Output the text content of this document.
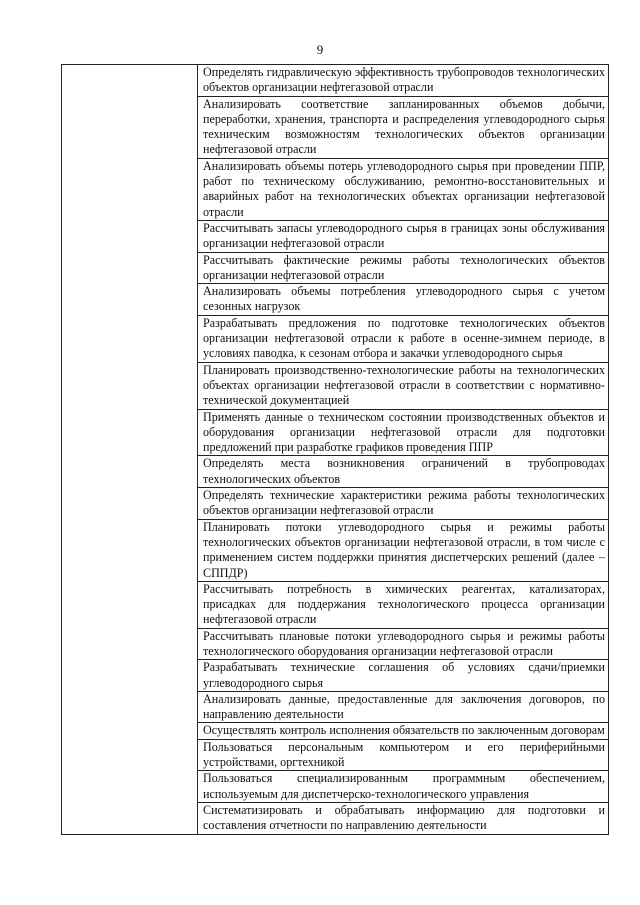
9
	Определять гидравлическую эффективность трубопроводов технологических объектов организации нефтегазовой отрасли
Анализировать соответствие запланированных объемов добычи, переработки, хранения, транспорта и распределения углеводородного сырья техническим возможностям технологических объектов организации нефтегазовой отрасли
Анализировать объемы потерь углеводородного сырья при проведении ППР, работ по техническому обслуживанию, ремонтно-восстановительных и аварийных работ на технологических объектах организации нефтегазовой отрасли
Рассчитывать запасы углеводородного сырья в границах зоны обслуживания организации нефтегазовой отрасли
Рассчитывать фактические режимы работы технологических объектов организации нефтегазовой отрасли
Анализировать объемы потребления углеводородного сырья с учетом сезонных нагрузок
Разрабатывать предложения по подготовке технологических объектов организации нефтегазовой отрасли к работе в осенне-зимнем периоде, в условиях паводка, к сезонам отбора и закачки углеводородного сырья
Планировать производственно-технологические работы на технологических объектах организации нефтегазовой отрасли в соответствии с нормативно-технической документацией
Применять данные о техническом состоянии производственных объектов и оборудования организации нефтегазовой отрасли для подготовки предложений при разработке графиков проведения ППР
Определять места возникновения ограничений в трубопроводах технологических объектов
Определять технические характеристики режима работы технологических объектов организации нефтегазовой отрасли
Планировать потоки углеводородного сырья и режимы работы технологических объектов организации нефтегазовой отрасли, в том числе с применением систем поддержки принятия диспетчерских решений (далее – СППДР)
Рассчитывать потребность в химических реагентах, катализаторах, присадках для поддержания технологического процесса организации нефтегазовой отрасли
Рассчитывать плановые потоки углеводородного сырья и режимы работы технологического оборудования организации нефтегазовой отрасли
Разрабатывать технические соглашения об условиях сдачи/приемки углеводородного сырья
Анализировать данные, предоставленные для заключения договоров, по направлению деятельности
Осуществлять контроль исполнения обязательств по заключенным договорам
Пользоваться персональным компьютером и его периферийными устройствами, оргтехникой
Пользоваться специализированным программным обеспечением, используемым для диспетчерско-технологического управления
Систематизировать и обрабатывать информацию для подготовки и составления отчетности по направлению деятельности
